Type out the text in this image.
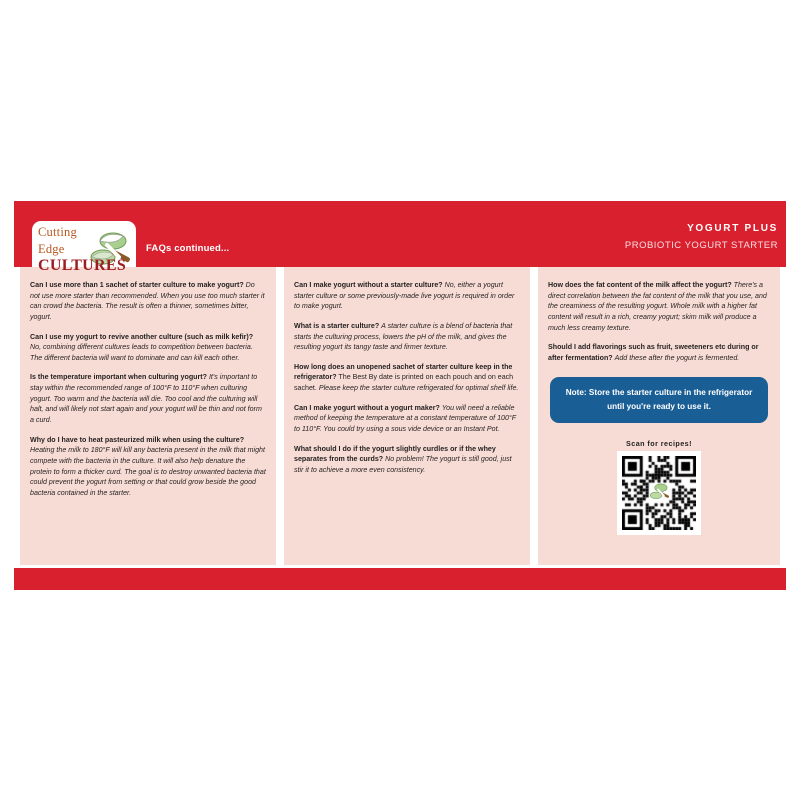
Cutting
Edge
CULTURES
FAQs continued...
YOGURT PLUS
PROBIOTIC YOGURT STARTER

Can I use more than 1 sachet of starter culture to make yogurt? Do not use more starter than recommended. When you use too much starter it can crowd the bacteria. The result is often a thinner, sometimes bitter, yogurt.

Can I use my yogurt to revive another culture (such as milk kefir)? No, combining different cultures leads to competition between bacteria. The different bacteria will want to dominate and can kill each other.

Is the temperature important when culturing yogurt? It's important to stay within the recommended range of 100°F to 110°F when culturing yogurt. Too warm and the bacteria will die. Too cool and the culturing will halt, and will likely not start again and your yogurt will be thin and not form a curd.

Why do I have to heat pasteurized milk when using the culture? Heating the milk to 180°F will kill any bacteria present in the milk that might compete with the bacteria in the culture. It will also help denature the protein to form a thicker curd. The goal is to destroy unwanted bacteria that could prevent the yogurt from setting or that could grow beside the good bacteria contained in the starter.

Can I make yogurt without a starter culture? No, either a yogurt starter culture or some previously-made live yogurt is required in order to make yogurt.

What is a starter culture? A starter culture is a blend of bacteria that starts the culturing process, lowers the pH of the milk, and gives the resulting yogurt its tangy taste and firmer texture.

How long does an unopened sachet of starter culture keep in the refrigerator? The Best By date is printed on each pouch and on each sachet. Please keep the starter culture refrigerated for optimal shelf life.

Can I make yogurt without a yogurt maker? You will need a reliable method of keeping the temperature at a constant temperature of 100°F to 110°F. You could try using a sous vide device or an Instant Pot.

What should I do if the yogurt slightly curdles or if the whey separates from the curds? No problem! The yogurt is still good, just stir it to achieve a more even consistency.

How does the fat content of the milk affect the yogurt? There's a direct correlation between the fat content of the milk that you use, and the creaminess of the resulting yogurt. Whole milk with a higher fat content will result in a rich, creamy yogurt; skim milk will produce a much less creamy texture.

Should I add flavorings such as fruit, sweeteners etc during or after fermentation? Add these after the yogurt is fermented.

Note: Store the starter culture in the refrigerator until you're ready to use it.
Scan for recipes!
